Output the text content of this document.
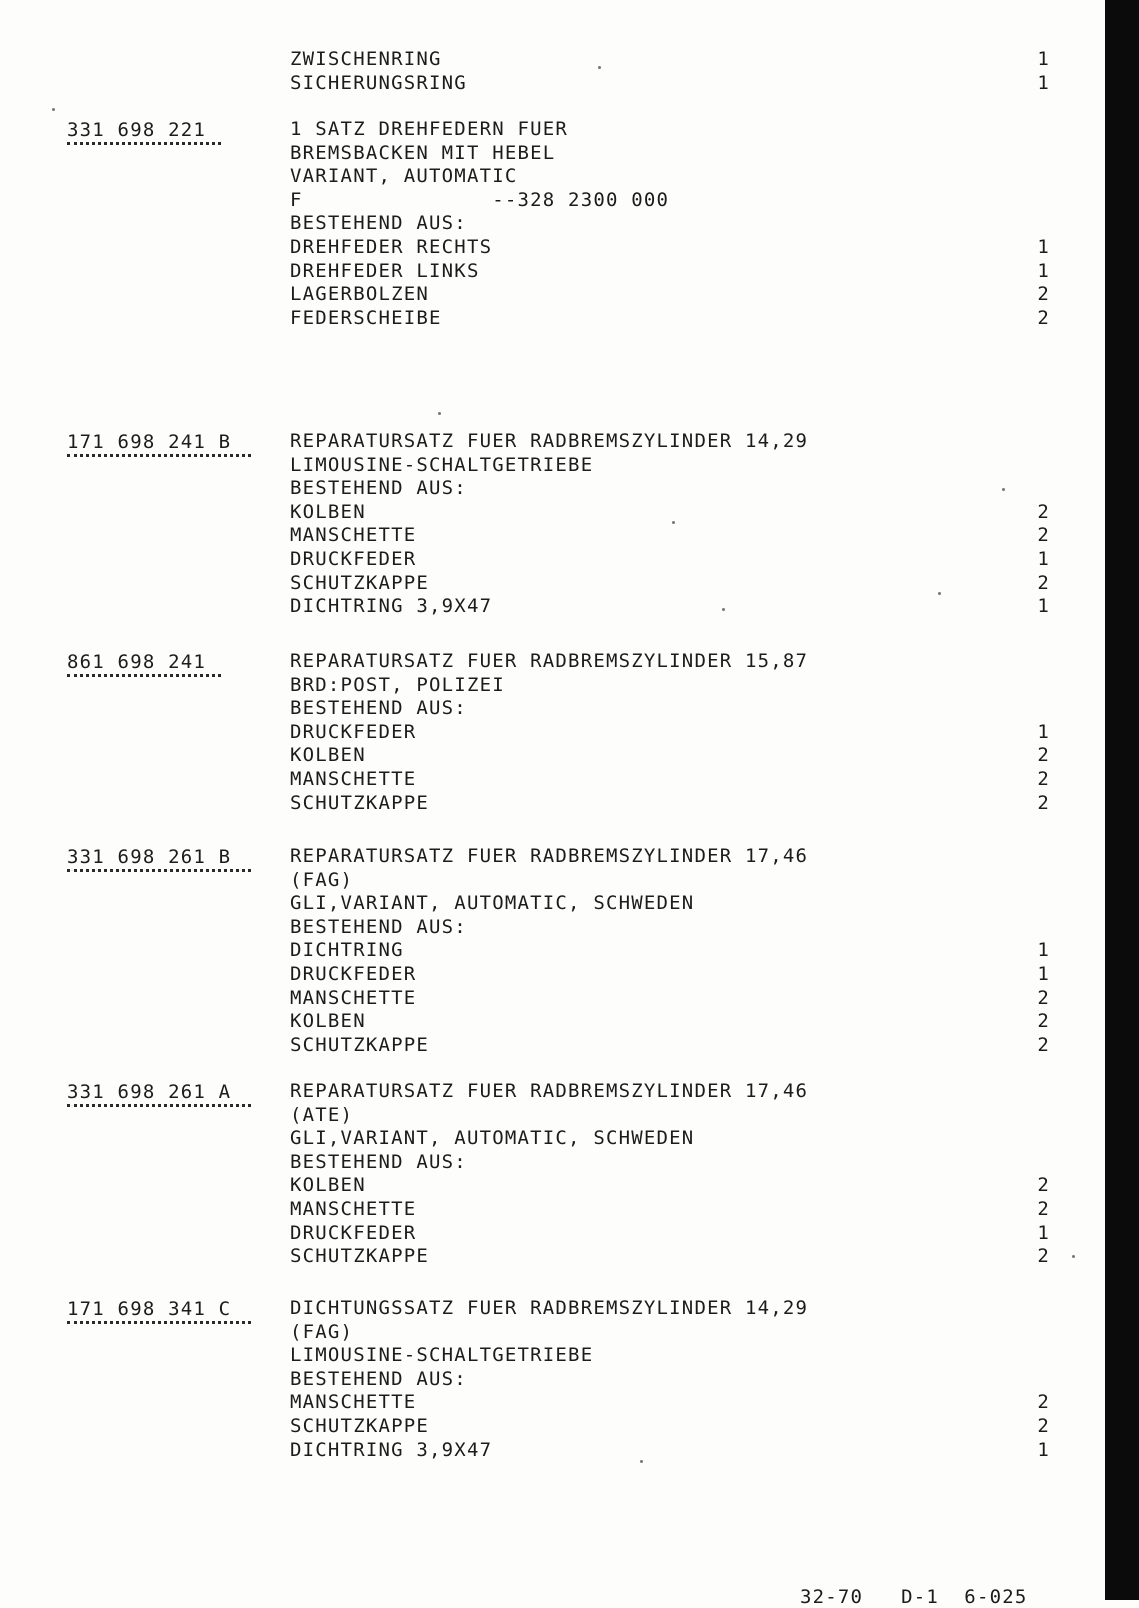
ZWISCHENRING	1
SICHERUNGSRING	1
331 698 221	1 SATZ DREHFEDERN FUER
BREMSBACKEN MIT HEBEL
VARIANT, AUTOMATIC
F               --328 2300 000
BESTEHEND AUS:
DREHFEDER RECHTS	1
DREHFEDER LINKS	1
LAGERBOLZEN	2
FEDERSCHEIBE	2
171 698 241 B	REPARATURSATZ FUER RADBREMSZYLINDER 14,29
LIMOUSINE-SCHALTGETRIEBE
BESTEHEND AUS:
KOLBEN	2
MANSCHETTE	2
DRUCKFEDER	1
SCHUTZKAPPE	2
DICHTRING 3,9X47	1
861 698 241	REPARATURSATZ FUER RADBREMSZYLINDER 15,87
BRD:POST, POLIZEI
BESTEHEND AUS:
DRUCKFEDER	1
KOLBEN	2
MANSCHETTE	2
SCHUTZKAPPE	2
331 698 261 B	REPARATURSATZ FUER RADBREMSZYLINDER 17,46
(FAG)
GLI,VARIANT, AUTOMATIC, SCHWEDEN
BESTEHEND AUS:
DICHTRING	1
DRUCKFEDER	1
MANSCHETTE	2
KOLBEN	2
SCHUTZKAPPE	2
331 698 261 A	REPARATURSATZ FUER RADBREMSZYLINDER 17,46
(ATE)
GLI,VARIANT, AUTOMATIC, SCHWEDEN
BESTEHEND AUS:
KOLBEN	2
MANSCHETTE	2
DRUCKFEDER	1
SCHUTZKAPPE	2
171 698 341 C	DICHTUNGSSATZ FUER RADBREMSZYLINDER 14,29
(FAG)
LIMOUSINE-SCHALTGETRIEBE
BESTEHEND AUS:
MANSCHETTE	2
SCHUTZKAPPE	2
DICHTRING 3,9X47	1
32-70   D-1  6-025
